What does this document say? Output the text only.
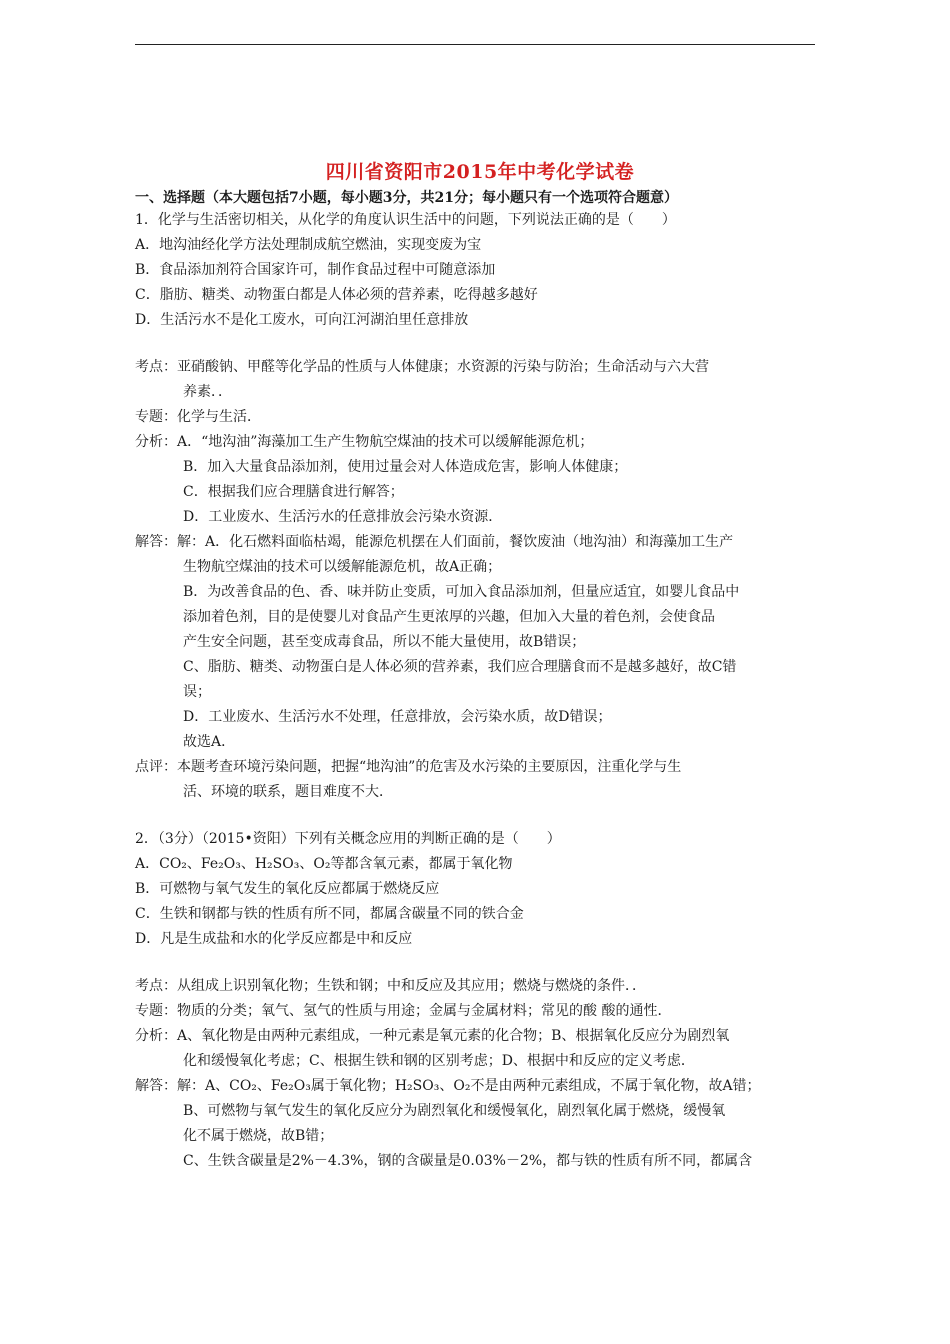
四川省资阳市2015年中考化学试卷
一、选择题（本大题包括7小题，每小题3分，共21分；每小题只有一个选项符合题意）
1．化学与生活密切相关，从化学的角度认识生活中的问题，下列说法正确的是（　　）
A．地沟油经化学方法处理制成航空燃油，实现变废为宝
B．食品添加剂符合国家许可，制作食品过程中可随意添加
C．脂肪、糖类、动物蛋白都是人体必须的营养素，吃得越多越好
D．生活污水不是化工废水，可向江河湖泊里任意排放
考点：亚硝酸钠、甲醛等化学品的性质与人体健康；水资源的污染与防治；生命活动与六大营
养素．．
专题：化学与生活．
分析：A．“地沟油”海藻加工生产生物航空煤油的技术可以缓解能源危机；
B．加入大量食品添加剂，使用过量会对人体造成危害，影响人体健康；
C．根据我们应合理膳食进行解答；
D．工业废水、生活污水的任意排放会污染水资源．
解答：解：A．化石燃料面临枯竭，能源危机摆在人们面前，餐饮废油（地沟油）和海藻加工生产
生物航空煤油的技术可以缓解能源危机，故A正确；
B．为改善食品的色、香、味并防止变质，可加入食品添加剂，但量应适宜，如婴儿食品中
添加着色剂，目的是使婴儿对食品产生更浓厚的兴趣，但加入大量的着色剂，会使食品
产生安全问题，甚至变成毒食品，所以不能大量使用，故B错误；
C、脂肪、糖类、动物蛋白是人体必须的营养素，我们应合理膳食而不是越多越好，故C错
误；
D．工业废水、生活污水不处理，任意排放，会污染水质，故D错误；
故选A．
点评：本题考查环境污染问题，把握“地沟油”的危害及水污染的主要原因，注重化学与生
活、环境的联系，题目难度不大．
2．（3分）（2015•资阳）下列有关概念应用的判断正确的是（　　）
A．CO₂、Fe₂O₃、H₂SO₃、O₂等都含氧元素，都属于氧化物
B．可燃物与氧气发生的氧化反应都属于燃烧反应
C．生铁和钢都与铁的性质有所不同，都属含碳量不同的铁合金
D．凡是生成盐和水的化学反应都是中和反应
考点：从组成上识别氧化物；生铁和钢；中和反应及其应用；燃烧与燃烧的条件．．
专题：物质的分类；氧气、氢气的性质与用途；金属与金属材料；常见的酸 酸的通性．
分析：A、氧化物是由两种元素组成，一种元素是氧元素的化合物；B、根据氧化反应分为剧烈氧
化和缓慢氧化考虑；C、根据生铁和钢的区别考虑；D、根据中和反应的定义考虑．
解答：解：A、CO₂、Fe₂O₃属于氧化物；H₂SO₃、O₂不是由两种元素组成，不属于氧化物，故A错；
B、可燃物与氧气发生的氧化反应分为剧烈氧化和缓慢氧化，剧烈氧化属于燃烧，缓慢氧
化不属于燃烧，故B错；
C、生铁含碳量是2%－4.3%，钢的含碳量是0.03%－2%，都与铁的性质有所不同，都属含
